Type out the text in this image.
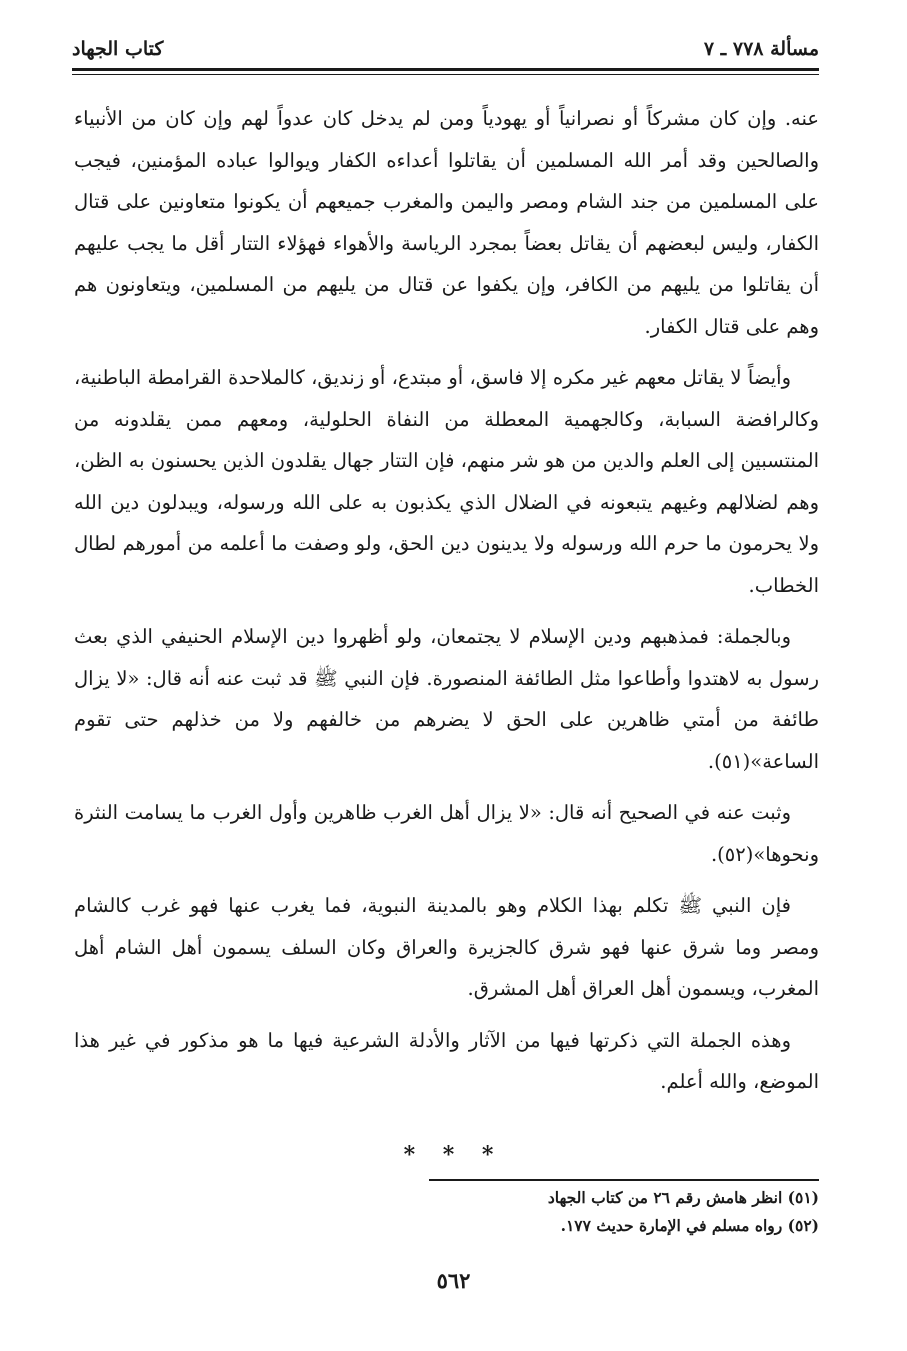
مسألة ٧٧٨ ـ ٧
كتاب الجهاد

عنه. وإن كان مشركاً أو نصرانياً أو يهودياً ومن لم يدخل كان عدواً لهم وإن كان من الأنبياء والصالحين وقد أمر الله المسلمين أن يقاتلوا أعداءه الكفار ويوالوا عباده المؤمنين، فيجب على المسلمين من جند الشام ومصر واليمن والمغرب جميعهم أن يكونوا متعاونين على قتال الكفار، وليس لبعضهم أن يقاتل بعضاً بمجرد الرياسة والأهواء فهؤلاء التتار أقل ما يجب عليهم أن يقاتلوا من يليهم من الكافر، وإن يكفوا عن قتال من يليهم من المسلمين، ويتعاونون هم وهم على قتال الكفار.

وأيضاً لا يقاتل معهم غير مكره إلا فاسق، أو مبتدع، أو زنديق، كالملاحدة القرامطة الباطنية، وكالرافضة السبابة، وكالجهمية المعطلة من النفاة الحلولية، ومعهم ممن يقلدونه من المنتسبين إلى العلم والدين من هو شر منهم، فإن التتار جهال يقلدون الذين يحسنون به الظن، وهم لضلالهم وغيهم يتبعونه في الضلال الذي يكذبون به على الله ورسوله، ويبدلون دين الله ولا يحرمون ما حرم الله ورسوله ولا يدينون دين الحق، ولو وصفت ما أعلمه من أمورهم لطال الخطاب.

وبالجملة: فمذهبهم ودين الإسلام لا يجتمعان، ولو أظهروا دين الإسلام الحنيفي الذي بعث رسول به لاهتدوا وأطاعوا مثل الطائفة المنصورة. فإن النبي ﷺ قد ثبت عنه أنه قال: «لا يزال طائفة من أمتي ظاهرين على الحق لا يضرهم من خالفهم ولا من خذلهم حتى تقوم الساعة»(٥١).

وثبت عنه في الصحيح أنه قال: «لا يزال أهل الغرب ظاهرين وأول الغرب ما يسامت النثرة ونحوها»(٥٢).

فإن النبي ﷺ تكلم بهذا الكلام وهو بالمدينة النبوية، فما يغرب عنها فهو غرب كالشام ومصر وما شرق عنها فهو شرق كالجزيرة والعراق وكان السلف يسمون أهل الشام أهل المغرب، ويسمون أهل العراق أهل المشرق.

وهذه الجملة التي ذكرتها فيها من الآثار والأدلة الشرعية فيها ما هو مذكور في غير هذا الموضع، والله أعلم.

* * *
(٥١) انظر هامش رقم ٢٦ من كتاب الجهاد
(٥٢) رواه مسلم في الإمارة حديث ١٧٧.
٥٦٢
